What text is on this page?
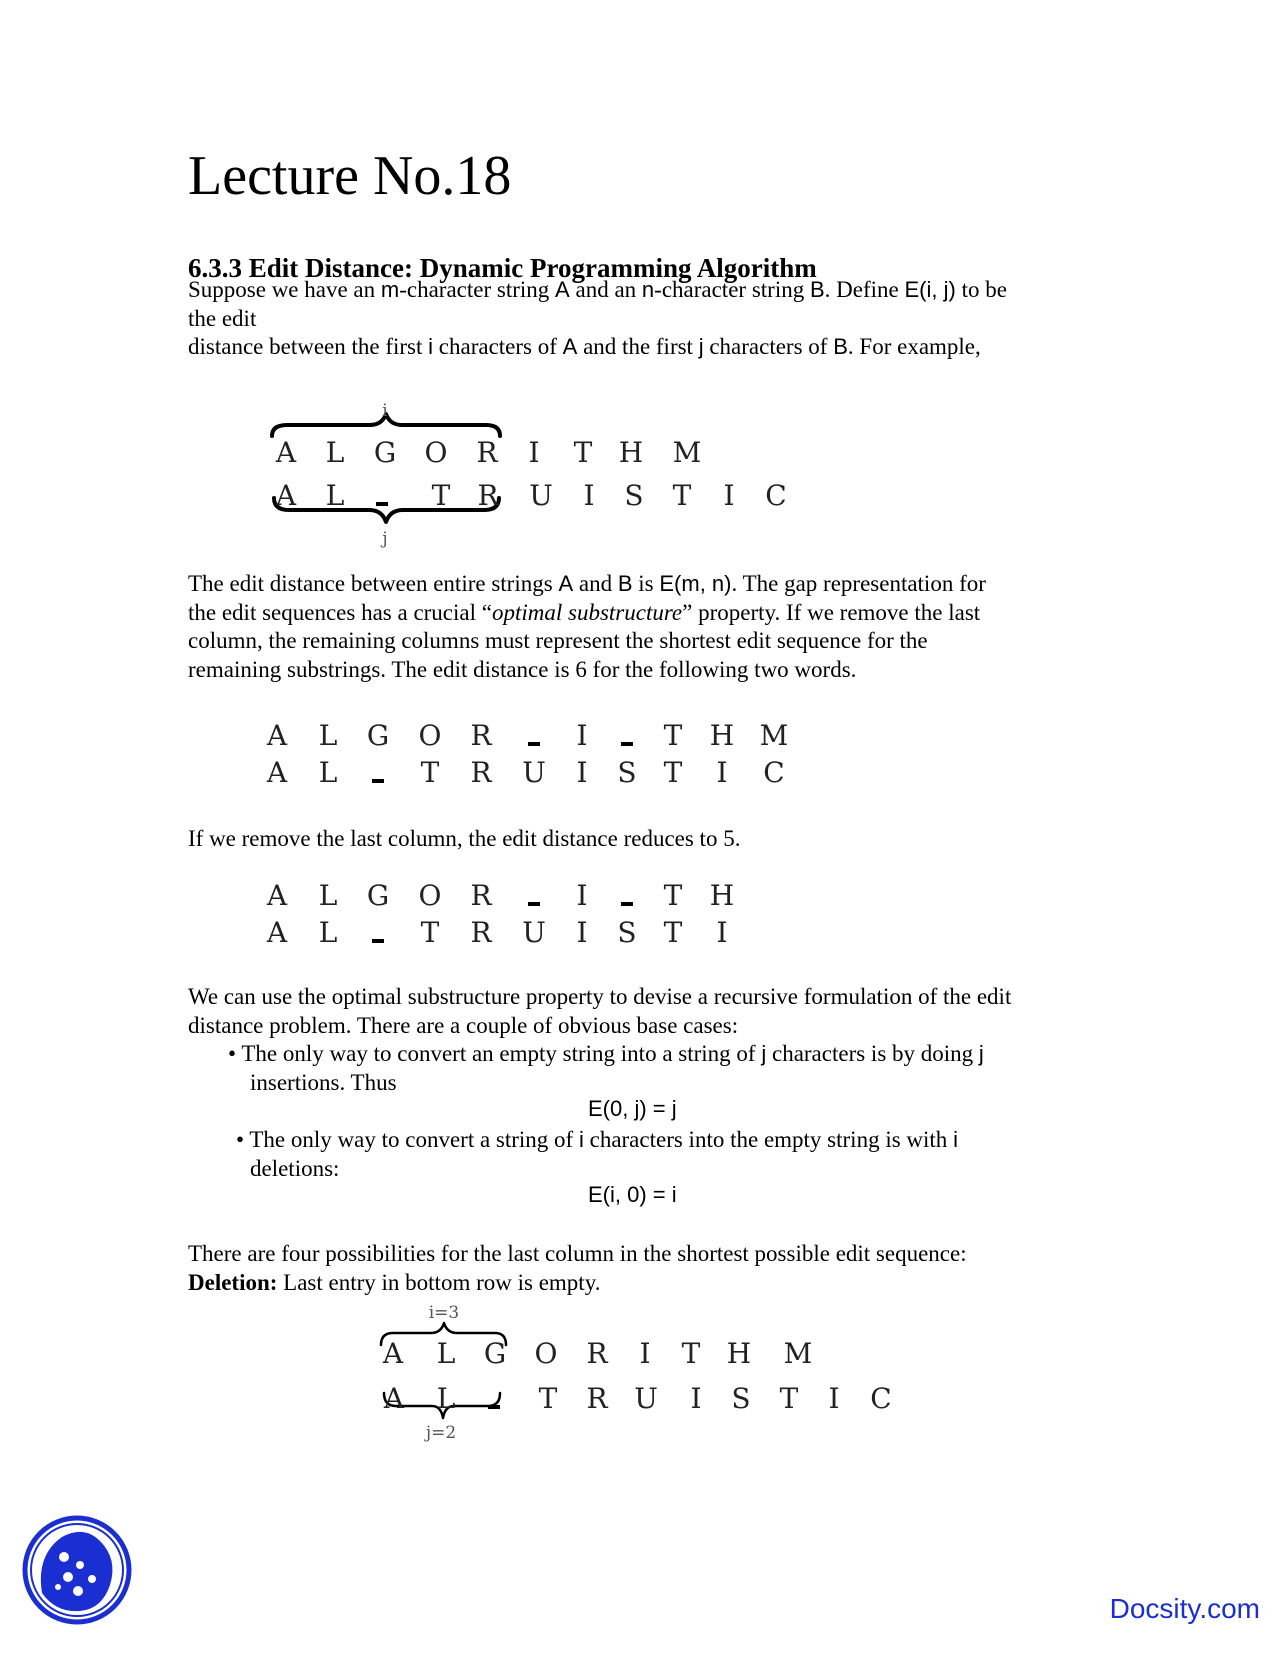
Lecture No.18
6.3.3 Edit Distance: Dynamic Programming Algorithm
Suppose we have an m-character string A and an n-character string B. Define E(i, j) to be
the edit
distance between the first i characters of A and the first j characters of B. For example,
i
j
A L G O R I T H M
A L	T R U I S T I C
The edit distance between entire strings A and B is E(m, n). The gap representation for
the edit sequences has a crucial “optimal substructure” property. If we remove the last
column, the remaining columns must represent the shortest edit sequence for the
remaining substrings. The edit distance is 6 for the following two words.
A L G O R	I	T H M
A L	T R U I S T I C
If we remove the last column, the edit distance reduces to 5.
A L G O R	I	T H
A L	T R U I S T I
We can use the optimal substructure property to devise a recursive formulation of the edit
distance problem. There are a couple of obvious base cases:
• The only way to convert an empty string into a string of j characters is by doing j
insertions. Thus
E(0, j) = j
• The only way to convert a string of i characters into the empty string is with i
deletions:
E(i, 0) = i
There are four possibilities for the last column in the shortest possible edit sequence:
Deletion: Last entry in bottom row is empty.
i=3
j=2
A L G O R I T H M
A L	T R U I S T I C
Docsity.com
